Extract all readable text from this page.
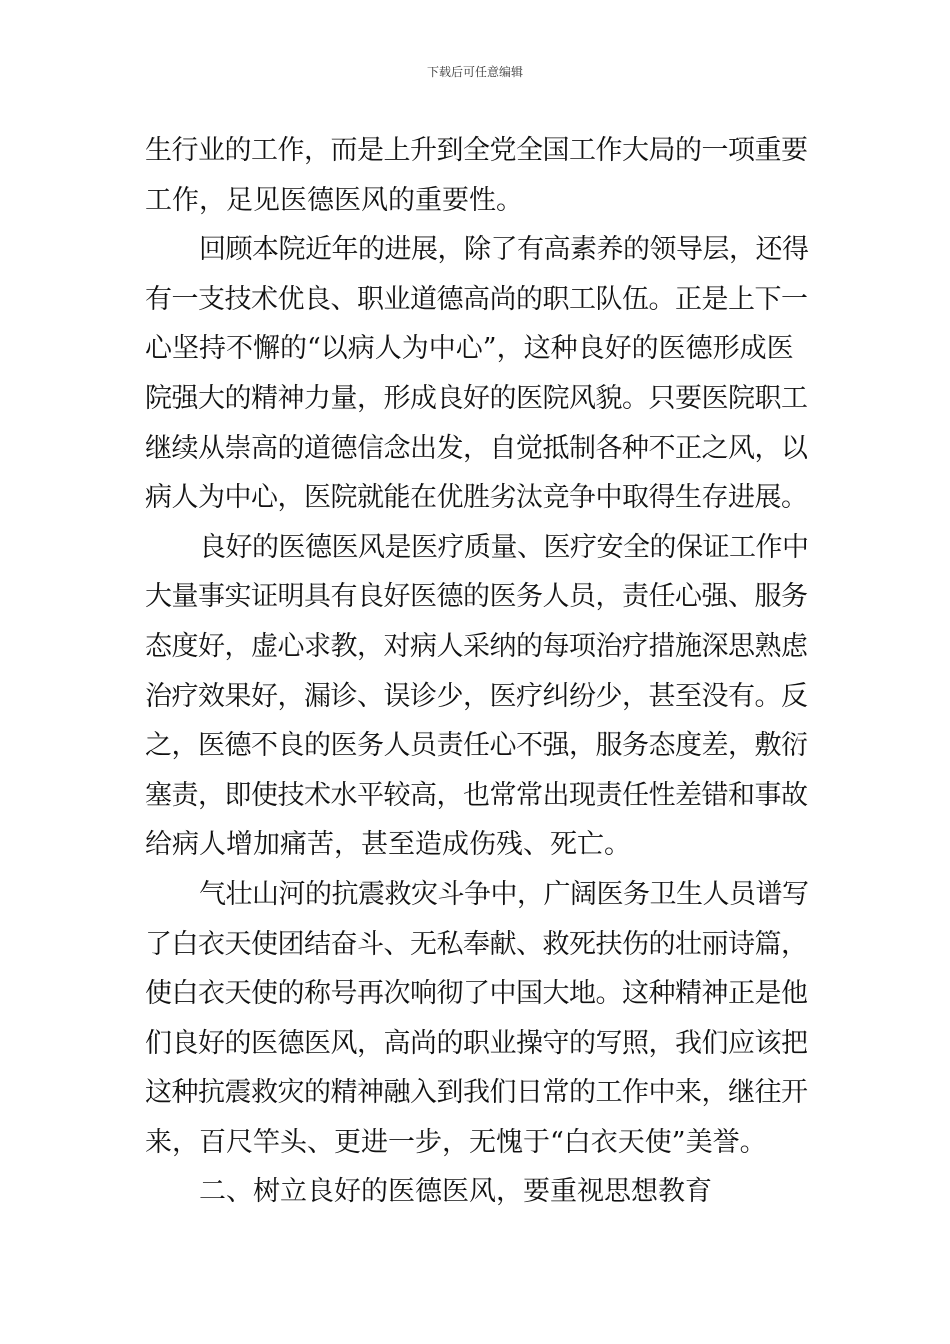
下载后可任意编辑
生行业的工作，而是上升到全党全国工作大局的一项重要
工作，足见医德医风的重要性。
回顾本院近年的进展，除了有高素养的领导层，还得
有一支技术优良、职业道德高尚的职工队伍。正是上下一
心坚持不懈的“以病人为中心”，这种良好的医德形成医
院强大的精神力量，形成良好的医院风貌。只要医院职工
继续从崇高的道德信念出发，自觉抵制各种不正之风，以
病人为中心，医院就能在优胜劣汰竞争中取得生存进展。
良好的医德医风是医疗质量、医疗安全的保证工作中
大量事实证明具有良好医德的医务人员，责任心强、服务
态度好，虚心求教，对病人采纳的每项治疗措施深思熟虑
治疗效果好，漏诊、误诊少，医疗纠纷少，甚至没有。反
之，医德不良的医务人员责任心不强，服务态度差，敷衍
塞责，即使技术水平较高，也常常出现责任性差错和事故
给病人增加痛苦，甚至造成伤残、死亡。
气壮山河的抗震救灾斗争中，广阔医务卫生人员谱写
了白衣天使团结奋斗、无私奉献、救死扶伤的壮丽诗篇，
使白衣天使的称号再次响彻了中国大地。这种精神正是他
们良好的医德医风，高尚的职业操守的写照，我们应该把
这种抗震救灾的精神融入到我们日常的工作中来，继往开
来，百尺竿头、更进一步，无愧于“白衣天使”美誉。
二、树立良好的医德医风，要重视思想教育
